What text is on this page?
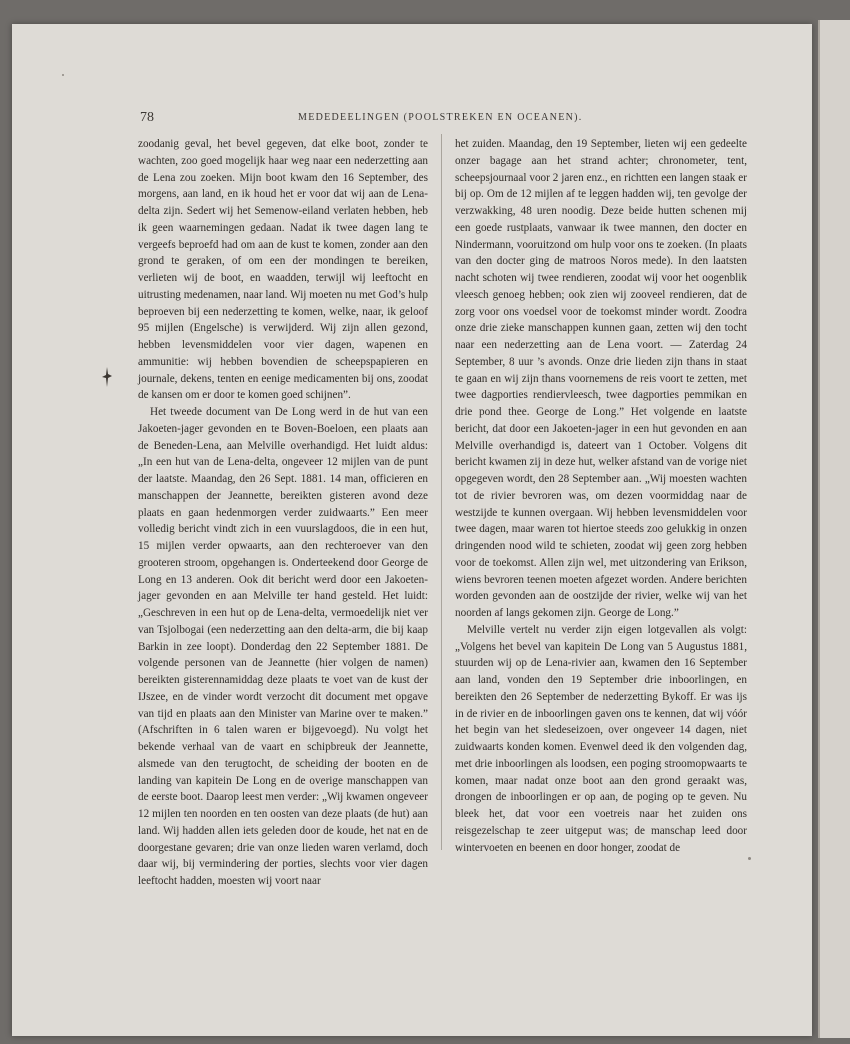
78	MEDEDEELINGEN (POOLSTREKEN EN OCEANEN).

zoodanig geval, het bevel gegeven, dat elke boot, zonder te wachten, zoo goed mogelijk haar weg naar een nederzetting aan de Lena zou zoeken. Mijn boot kwam den 16 September, des morgens, aan land, en ik houd het er voor dat wij aan de Lena-delta zijn. Sedert wij het Semenow-eiland verlaten hebben, heb ik geen waarnemingen gedaan. Nadat ik twee dagen lang te vergeefs beproefd had om aan de kust te komen, zonder aan den grond te geraken, of om een der mondingen te bereiken, verlieten wij de boot, en waadden, terwijl wij leeftocht en uitrusting medenamen, naar land. Wij moeten nu met God’s hulp beproeven bij een nederzetting te komen, welke, naar, ik geloof 95 mijlen (Engelsche) is verwijderd. Wij zijn allen gezond, hebben levensmiddelen voor vier dagen, wapenen en ammunitie: wij hebben bovendien de scheepspapieren en journale, dekens, tenten en eenige medicamenten bij ons, zoodat de kansen om er door te komen goed schijnen”.

Het tweede document van De Long werd in de hut van een Jakoeten-jager gevonden en te Boven-Boeloen, een plaats aan de Beneden-Lena, aan Melville overhandigd. Het luidt aldus: „In een hut van de Lena-delta, ongeveer 12 mijlen van de punt der laatste. Maandag, den 26 Sept. 1881. 14 man, officieren en manschappen der Jeannette, bereikten gisteren avond deze plaats en gaan hedenmorgen verder zuidwaarts.” Een meer volledig bericht vindt zich in een vuurslagdoos, die in een hut, 15 mijlen verder opwaarts, aan den rechteroever van den grooteren stroom, opgehangen is. Onderteekend door George de Long en 13 anderen. Ook dit bericht werd door een Jakoeten-jager gevonden en aan Melville ter hand gesteld. Het luidt: „Geschreven in een hut op de Lena-delta, vermoedelijk niet ver van Tsjolbogai (een nederzetting aan den delta-arm, die bij kaap Barkin in zee loopt). Donderdag den 22 September 1881. De volgende personen van de Jeannette (hier volgen de namen) bereikten gisterennamiddag deze plaats te voet van de kust der IJszee, en de vinder wordt verzocht dit document met opgave van tijd en plaats aan den Minister van Marine over te maken.” (Afschriften in 6 talen waren er bijgevoegd). Nu volgt het bekende verhaal van de vaart en schipbreuk der Jeannette, alsmede van den terugtocht, de scheiding der booten en de landing van kapitein De Long en de overige manschappen van de eerste boot. Daarop leest men verder: „Wij kwamen ongeveer 12 mijlen ten noorden en ten oosten van deze plaats (de hut) aan land. Wij hadden allen iets geleden door de koude, het nat en de doorgestane gevaren; drie van onze lieden waren verlamd, doch daar wij, bij vermindering der porties, slechts voor vier dagen leeftocht hadden, moesten wij voort naar

het zuiden. Maandag, den 19 September, lieten wij een gedeelte onzer bagage aan het strand achter; chronometer, tent, scheepsjournaal voor 2 jaren enz., en richtten een langen staak er bij op. Om de 12 mijlen af te leggen hadden wij, ten gevolge der verzwakking, 48 uren noodig. Deze beide hutten schenen mij een goede rustplaats, vanwaar ik twee mannen, den docter en Nindermann, vooruitzond om hulp voor ons te zoeken. (In plaats van den docter ging de matroos Noros mede). In den laatsten nacht schoten wij twee rendieren, zoodat wij voor het oogenblik vleesch genoeg hebben; ook zien wij zooveel rendieren, dat de zorg voor ons voedsel voor de toekomst minder wordt. Zoodra onze drie zieke manschappen kunnen gaan, zetten wij den tocht naar een nederzetting aan de Lena voort. — Zaterdag 24 September, 8 uur ’s avonds. Onze drie lieden zijn thans in staat te gaan en wij zijn thans voornemens de reis voort te zetten, met twee dagporties rendiervleesch, twee dagporties pemmikan en drie pond thee. George de Long.” Het volgende en laatste bericht, dat door een Jakoeten-jager in een hut gevonden en aan Melville overhandigd is, dateert van 1 October. Volgens dit bericht kwamen zij in deze hut, welker afstand van de vorige niet opgegeven wordt, den 28 September aan. „Wij moesten wachten tot de rivier bevroren was, om dezen voormiddag naar de westzijde te kunnen overgaan. Wij hebben levensmiddelen voor twee dagen, maar waren tot hiertoe steeds zoo gelukkig in onzen dringenden nood wild te schieten, zoodat wij geen zorg hebben voor de toekomst. Allen zijn wel, met uitzondering van Erikson, wiens bevroren teenen moeten afgezet worden. Andere berichten worden gevonden aan de oostzijde der rivier, welke wij van het noorden af langs gekomen zijn. George de Long.”

Melville vertelt nu verder zijn eigen lotgevallen als volgt: „Volgens het bevel van kapitein De Long van 5 Augustus 1881, stuurden wij op de Lena-rivier aan, kwamen den 16 September aan land, vonden den 19 September drie inboorlingen, en bereikten den 26 September de nederzetting Bykoff. Er was ijs in de rivier en de inboorlingen gaven ons te kennen, dat wij vóór het begin van het sledeseizoen, over ongeveer 14 dagen, niet zuidwaarts konden komen. Evenwel deed ik den volgenden dag, met drie inboorlingen als loodsen, een poging stroomopwaarts te komen, maar nadat onze boot aan den grond geraakt was, drongen de inboorlingen er op aan, de poging op te geven. Nu bleek het, dat voor een voetreis naar het zuiden ons reisgezelschap te zeer uitgeput was; de manschap leed door wintervoeten en beenen en door honger, zoodat de
